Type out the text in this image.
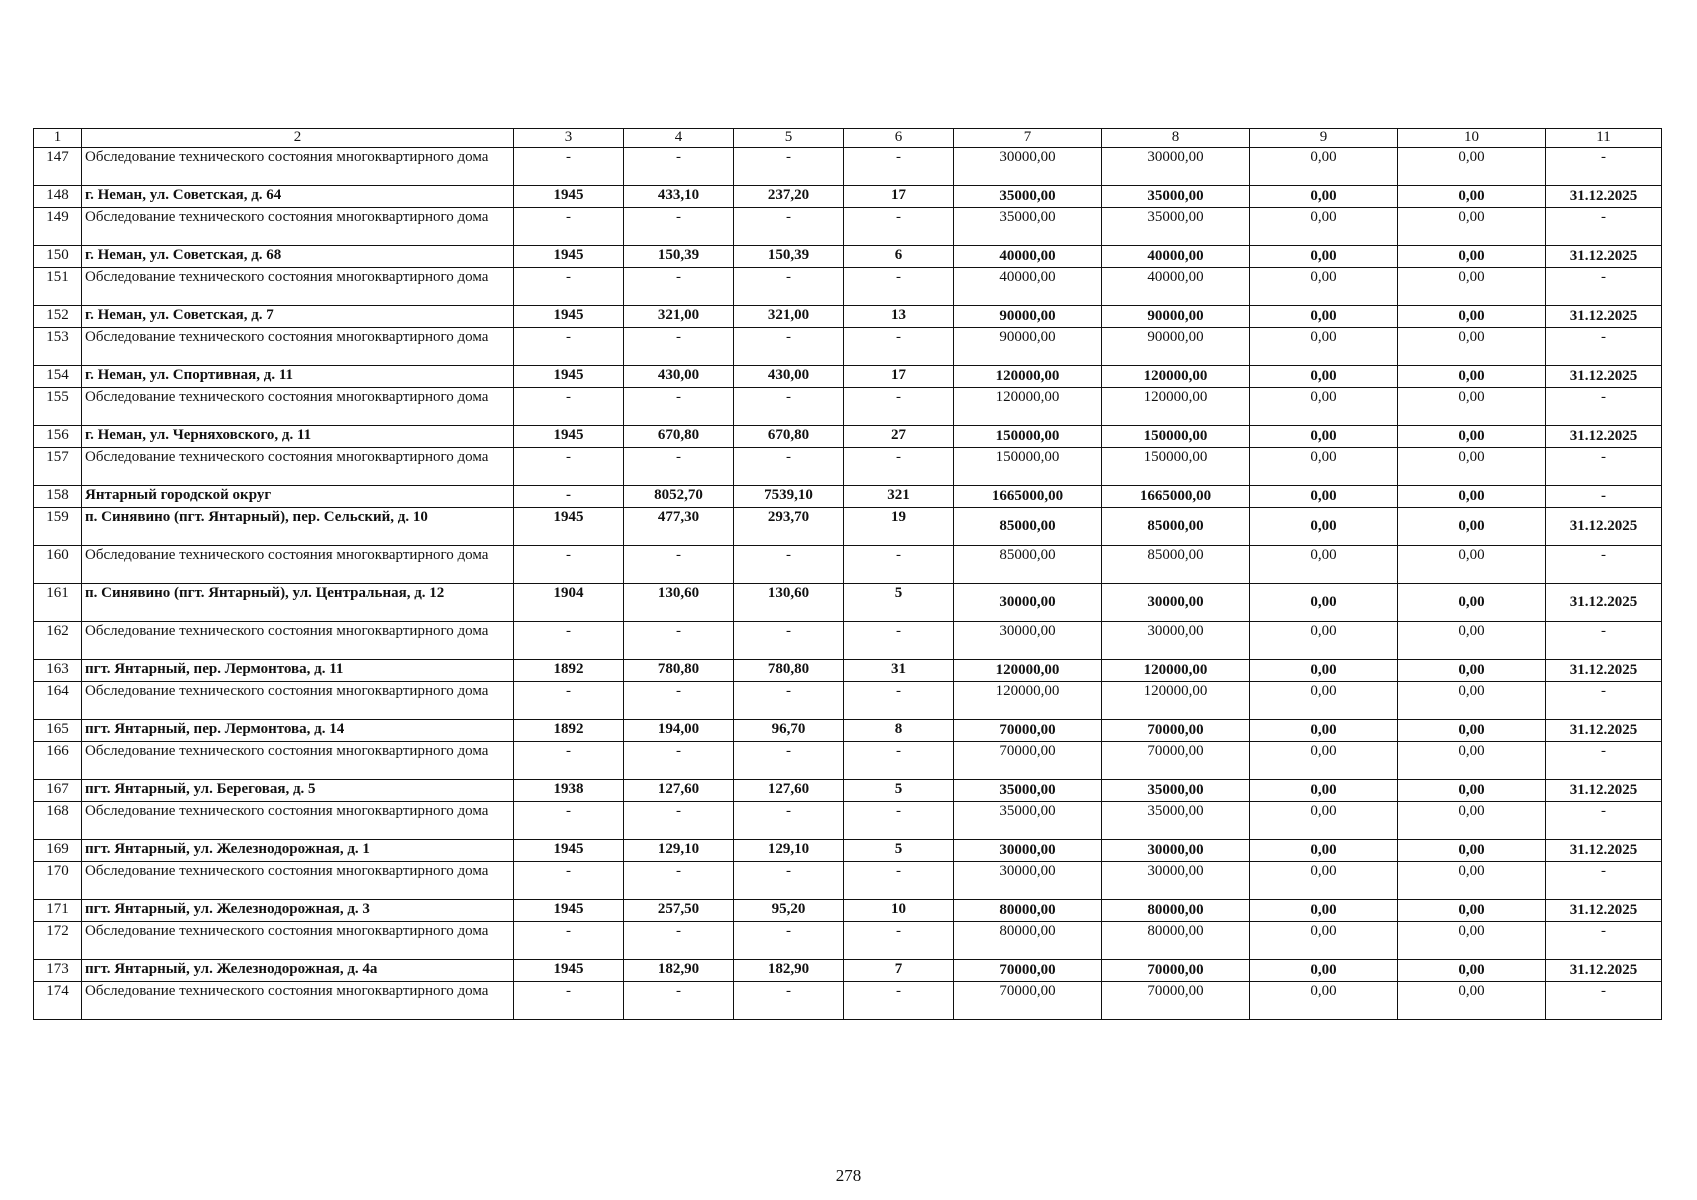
1	2	3	4	5	6	7	8	9	10	11
147	Обследование технического состояния многоквартирного дома	-	-	-	-	30000,00	30000,00	0,00	0,00	-
148	г. Неман, ул. Советская, д. 64	1945	433,10	237,20	17	35000,00	35000,00	0,00	0,00	31.12.2025
149	Обследование технического состояния многоквартирного дома	-	-	-	-	35000,00	35000,00	0,00	0,00	-
150	г. Неман, ул. Советская, д. 68	1945	150,39	150,39	6	40000,00	40000,00	0,00	0,00	31.12.2025
151	Обследование технического состояния многоквартирного дома	-	-	-	-	40000,00	40000,00	0,00	0,00	-
152	г. Неман, ул. Советская, д. 7	1945	321,00	321,00	13	90000,00	90000,00	0,00	0,00	31.12.2025
153	Обследование технического состояния многоквартирного дома	-	-	-	-	90000,00	90000,00	0,00	0,00	-
154	г. Неман, ул. Спортивная, д. 11	1945	430,00	430,00	17	120000,00	120000,00	0,00	0,00	31.12.2025
155	Обследование технического состояния многоквартирного дома	-	-	-	-	120000,00	120000,00	0,00	0,00	-
156	г. Неман, ул. Черняховского, д. 11	1945	670,80	670,80	27	150000,00	150000,00	0,00	0,00	31.12.2025
157	Обследование технического состояния многоквартирного дома	-	-	-	-	150000,00	150000,00	0,00	0,00	-
158	Янтарный городской округ	-	8052,70	7539,10	321	1665000,00	1665000,00	0,00	0,00	-
159	п. Синявино (пгт. Янтарный), пер. Сельский, д. 10	1945	477,30	293,70	19	85000,00	85000,00	0,00	0,00	31.12.2025
160	Обследование технического состояния многоквартирного дома	-	-	-	-	85000,00	85000,00	0,00	0,00	-
161	п. Синявино (пгт. Янтарный), ул. Центральная, д. 12	1904	130,60	130,60	5	30000,00	30000,00	0,00	0,00	31.12.2025
162	Обследование технического состояния многоквартирного дома	-	-	-	-	30000,00	30000,00	0,00	0,00	-
163	пгт. Янтарный, пер. Лермонтова, д. 11	1892	780,80	780,80	31	120000,00	120000,00	0,00	0,00	31.12.2025
164	Обследование технического состояния многоквартирного дома	-	-	-	-	120000,00	120000,00	0,00	0,00	-
165	пгт. Янтарный, пер. Лермонтова, д. 14	1892	194,00	96,70	8	70000,00	70000,00	0,00	0,00	31.12.2025
166	Обследование технического состояния многоквартирного дома	-	-	-	-	70000,00	70000,00	0,00	0,00	-
167	пгт. Янтарный, ул. Береговая, д. 5	1938	127,60	127,60	5	35000,00	35000,00	0,00	0,00	31.12.2025
168	Обследование технического состояния многоквартирного дома	-	-	-	-	35000,00	35000,00	0,00	0,00	-
169	пгт. Янтарный, ул. Железнодорожная, д. 1	1945	129,10	129,10	5	30000,00	30000,00	0,00	0,00	31.12.2025
170	Обследование технического состояния многоквартирного дома	-	-	-	-	30000,00	30000,00	0,00	0,00	-
171	пгт. Янтарный, ул. Железнодорожная, д. 3	1945	257,50	95,20	10	80000,00	80000,00	0,00	0,00	31.12.2025
172	Обследование технического состояния многоквартирного дома	-	-	-	-	80000,00	80000,00	0,00	0,00	-
173	пгт. Янтарный, ул. Железнодорожная, д. 4а	1945	182,90	182,90	7	70000,00	70000,00	0,00	0,00	31.12.2025
174	Обследование технического состояния многоквартирного дома	-	-	-	-	70000,00	70000,00	0,00	0,00	-
278
